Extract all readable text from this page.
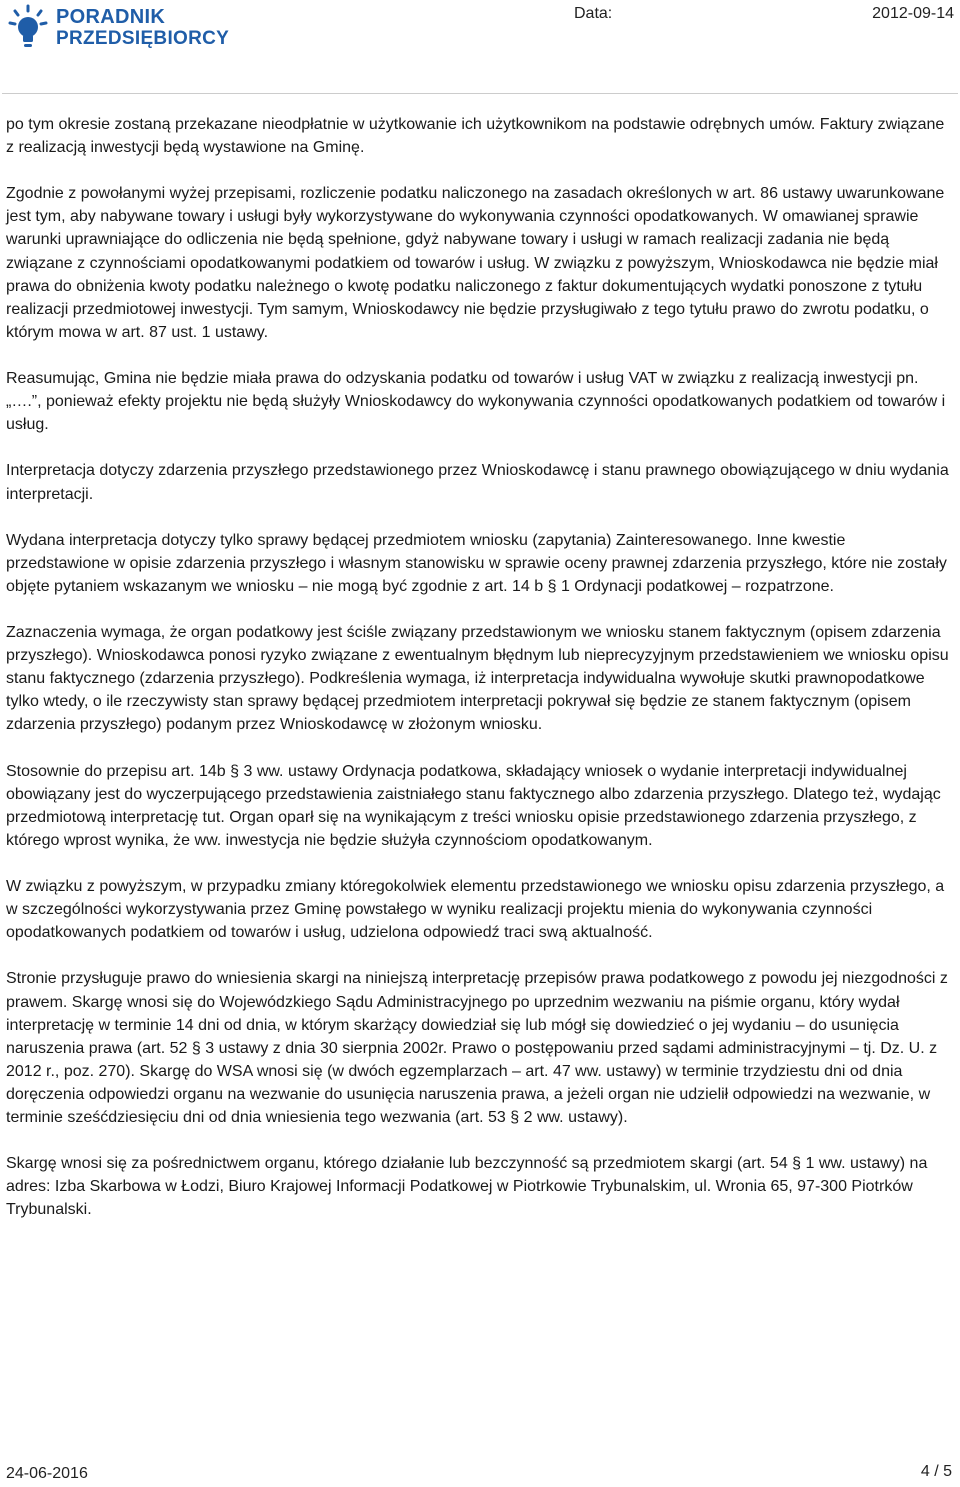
PORADNIK
PRZEDSIĘBIORCY
Data:	2012-09-14

po tym okresie zostaną przekazane nieodpłatnie w użytkowanie ich użytkownikom na podstawie odrębnych umów. Faktury związane z realizacją inwestycji będą wystawione na Gminę.

Zgodnie z powołanymi wyżej przepisami, rozliczenie podatku naliczonego na zasadach określonych w art. 86 ustawy uwarunkowane jest tym, aby nabywane towary i usługi były wykorzystywane do wykonywania czynności opodatkowanych. W omawianej sprawie warunki uprawniające do odliczenia nie będą spełnione, gdyż nabywane towary i usługi w ramach realizacji zadania nie będą związane z czynnościami opodatkowanymi podatkiem od towarów i usług. W związku z powyższym, Wnioskodawca nie będzie miał prawa do obniżenia kwoty podatku należnego o kwotę podatku naliczonego z faktur dokumentujących wydatki ponoszone z tytułu realizacji przedmiotowej inwestycji. Tym samym, Wnioskodawcy nie będzie przysługiwało z tego tytułu prawo do zwrotu podatku, o którym mowa w art. 87 ust. 1 ustawy.

Reasumując, Gmina nie będzie miała prawa do odzyskania podatku od towarów i usług VAT w związku z realizacją inwestycji pn. „….”, ponieważ efekty projektu nie będą służyły Wnioskodawcy do wykonywania czynności opodatkowanych podatkiem od towarów i usług.

Interpretacja dotyczy zdarzenia przyszłego przedstawionego przez Wnioskodawcę i stanu prawnego obowiązującego w dniu wydania interpretacji.

Wydana interpretacja dotyczy tylko sprawy będącej przedmiotem wniosku (zapytania) Zainteresowanego. Inne kwestie przedstawione w opisie zdarzenia przyszłego i własnym stanowisku w sprawie oceny prawnej zdarzenia przyszłego, które nie zostały objęte pytaniem wskazanym we wniosku – nie mogą być zgodnie z art. 14 b § 1 Ordynacji podatkowej – rozpatrzone.

Zaznaczenia wymaga, że organ podatkowy jest ściśle związany przedstawionym we wniosku stanem faktycznym (opisem zdarzenia przyszłego). Wnioskodawca ponosi ryzyko związane z ewentualnym błędnym lub nieprecyzyjnym przedstawieniem we wniosku opisu stanu faktycznego (zdarzenia przyszłego). Podkreślenia wymaga, iż interpretacja indywidualna wywołuje skutki prawnopodatkowe tylko wtedy, o ile rzeczywisty stan sprawy będącej przedmiotem interpretacji pokrywał się będzie ze stanem faktycznym (opisem zdarzenia przyszłego) podanym przez Wnioskodawcę w złożonym wniosku.

Stosownie do przepisu art. 14b § 3 ww. ustawy Ordynacja podatkowa, składający wniosek o wydanie interpretacji indywidualnej obowiązany jest do wyczerpującego przedstawienia zaistniałego stanu faktycznego albo zdarzenia przyszłego. Dlatego też, wydając przedmiotową interpretację tut. Organ oparł się na wynikającym z treści wniosku opisie przedstawionego zdarzenia przyszłego, z którego wprost wynika, że ww. inwestycja nie będzie służyła czynnościom opodatkowanym.

W związku z powyższym, w przypadku zmiany któregokolwiek elementu przedstawionego we wniosku opisu zdarzenia przyszłego, a w szczególności wykorzystywania przez Gminę powstałego w wyniku realizacji projektu mienia do wykonywania czynności opodatkowanych podatkiem od towarów i usług, udzielona odpowiedź traci swą aktualność.

Stronie przysługuje prawo do wniesienia skargi na niniejszą interpretację przepisów prawa podatkowego z powodu jej niezgodności z prawem. Skargę wnosi się do Wojewódzkiego Sądu Administracyjnego po uprzednim wezwaniu na piśmie organu, który wydał interpretację w terminie 14 dni od dnia, w którym skarżący dowiedział się lub mógł się dowiedzieć o jej wydaniu – do usunięcia naruszenia prawa (art. 52 § 3 ustawy z dnia 30 sierpnia 2002r. Prawo o postępowaniu przed sądami administracyjnymi – tj. Dz. U. z 2012 r., poz. 270). Skargę do WSA wnosi się (w dwóch egzemplarzach – art. 47 ww. ustawy) w terminie trzydziestu dni od dnia doręczenia odpowiedzi organu na wezwanie do usunięcia naruszenia prawa, a jeżeli organ nie udzielił odpowiedzi na wezwanie, w terminie sześćdziesięciu dni od dnia wniesienia tego wezwania (art. 53 § 2 ww. ustawy).

Skargę wnosi się za pośrednictwem organu, którego działanie lub bezczynność są przedmiotem skargi (art. 54 § 1 ww. ustawy) na adres: Izba Skarbowa w Łodzi, Biuro Krajowej Informacji Podatkowej w Piotrkowie Trybunalskim, ul. Wronia 65, 97-300 Piotrków Trybunalski.

24-06-2016	4 / 5
